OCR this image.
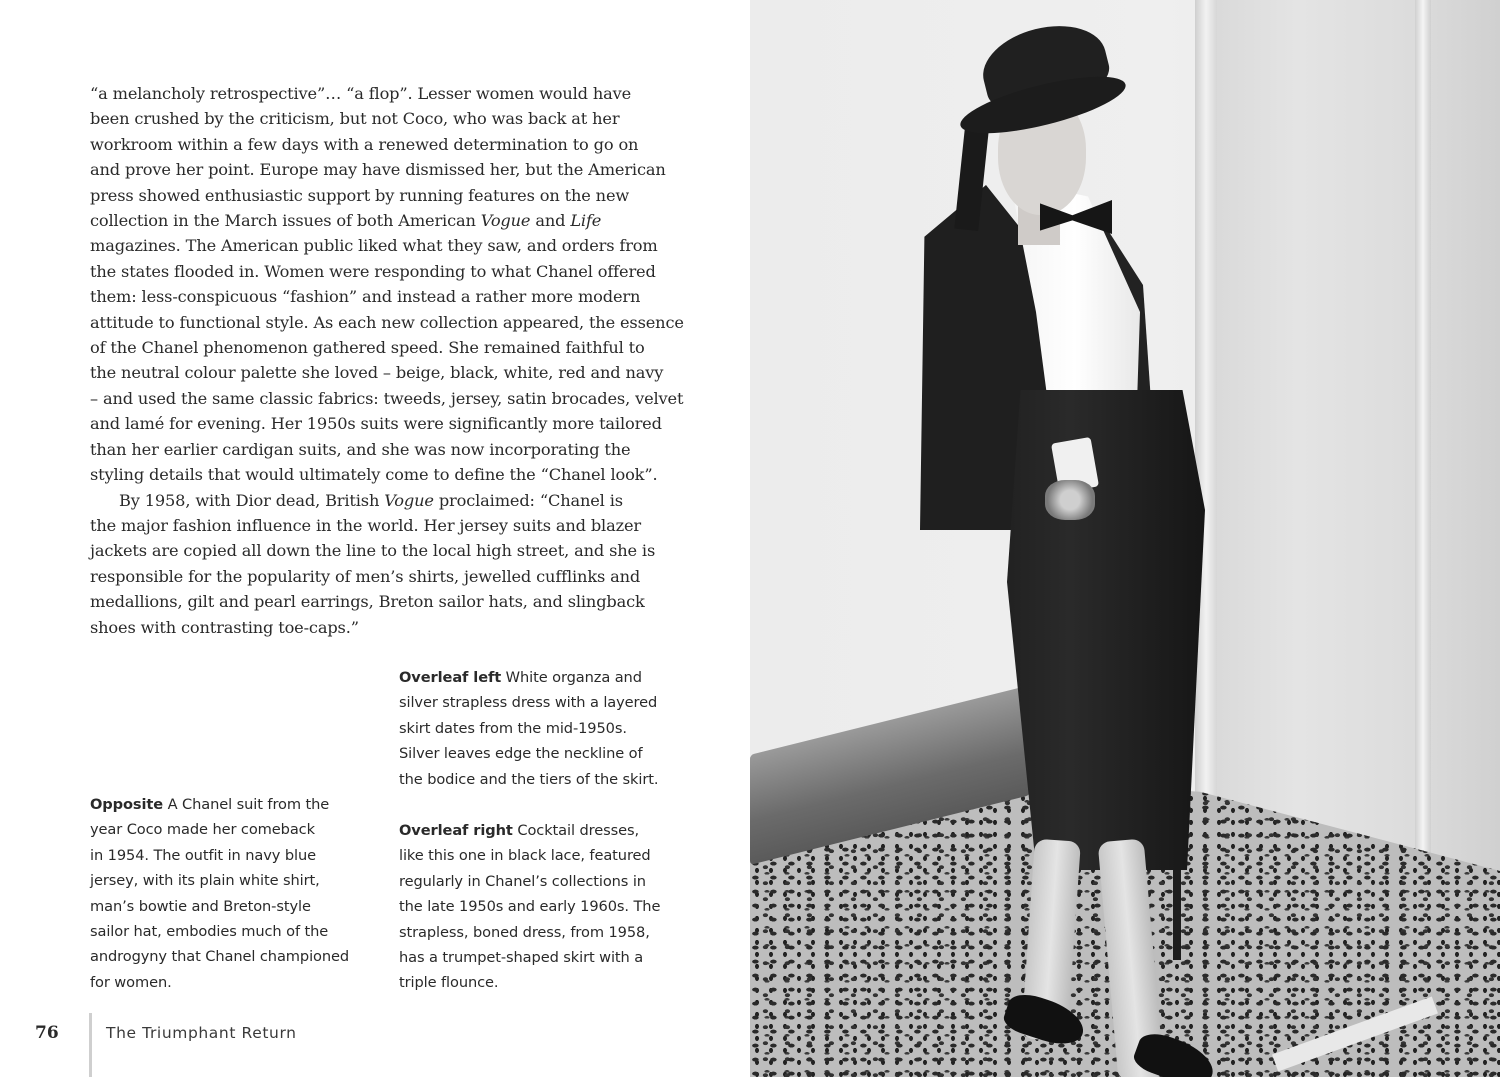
“a melancholy retrospective”… “a flop”. Lesser women would have
been crushed by the criticism, but not Coco, who was back at her
workroom within a few days with a renewed determination to go on
and prove her point. Europe may have dismissed her, but the American
press showed enthusiastic support by running features on the new
collection in the March issues of both American Vogue and Life
magazines. The American public liked what they saw, and orders from
the states flooded in. Women were responding to what Chanel offered
them: less-conspicuous “fashion” and instead a rather more modern
attitude to functional style. As each new collection appeared, the essence
of the Chanel phenomenon gathered speed. She remained faithful to
the neutral colour palette she loved – beige, black, white, red and navy
– and used the same classic fabrics: tweeds, jersey, satin brocades, velvet
and lamé for evening. Her 1950s suits were significantly more tailored
than her earlier cardigan suits, and she was now incorporating the
styling details that would ultimately come to define the “Chanel look”.
By 1958, with Dior dead, British Vogue proclaimed: “Chanel is
the major fashion influence in the world. Her jersey suits and blazer
jackets are copied all down the line to the local high street, and she is
responsible for the popularity of men’s shirts, jewelled cufflinks and
medallions, gilt and pearl earrings, Breton sailor hats, and slingback
shoes with contrasting toe-caps.”
Overleaf left White organza and
silver strapless dress with a layered
skirt dates from the mid-1950s.
Silver leaves edge the neckline of
the bodice and the tiers of the skirt.
Overleaf right Cocktail dresses,
like this one in black lace, featured
regularly in Chanel’s collections in
the late 1950s and early 1960s. The
strapless, boned dress, from 1958,
has a trumpet-shaped skirt with a
triple flounce.
Opposite A Chanel suit from the
year Coco made her comeback
in 1954. The outfit in navy blue
jersey, with its plain white shirt,
man’s bowtie and Breton-style
sailor hat, embodies much of the
androgyny that Chanel championed
for women.
76	The Triumphant Return
